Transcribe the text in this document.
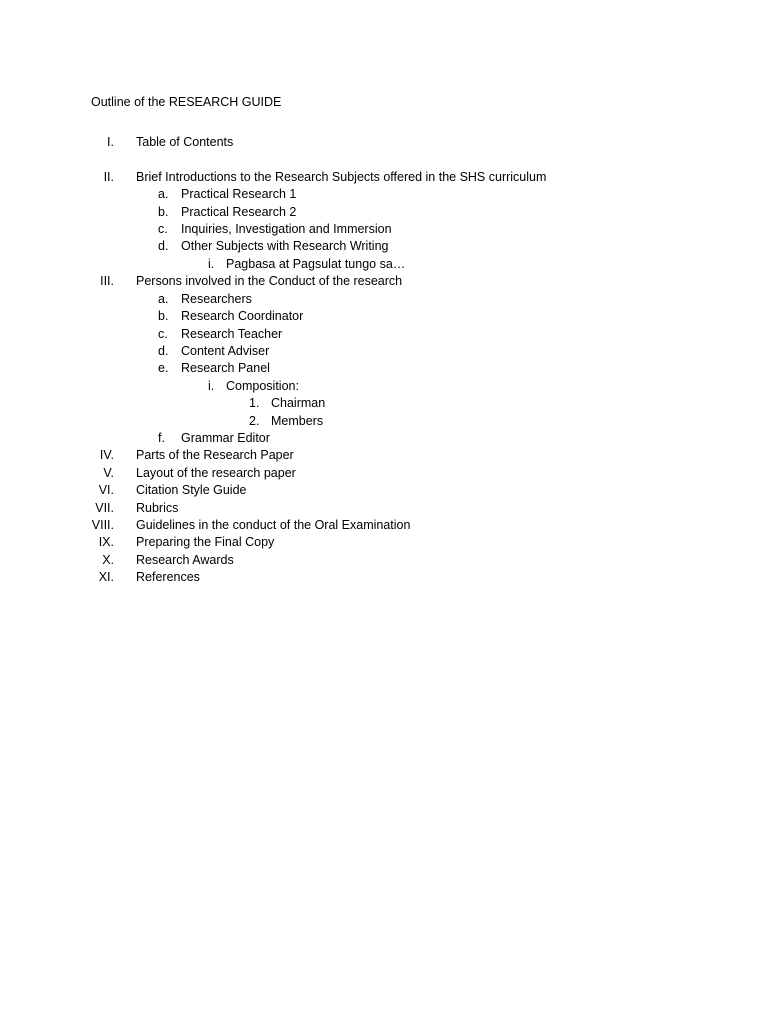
Outline of the RESEARCH GUIDE
I. Table of Contents
II. Brief Introductions to the Research Subjects offered in the SHS curriculum
a. Practical Research 1
b. Practical Research 2
c. Inquiries, Investigation and Immersion
d. Other Subjects with Research Writing
i. Pagbasa at Pagsulat tungo sa…
III. Persons involved in the Conduct of the research
a. Researchers
b. Research Coordinator
c. Research Teacher
d. Content Adviser
e. Research Panel
i. Composition:
1. Chairman
2. Members
f. Grammar Editor
IV. Parts of the Research Paper
V. Layout of the research paper
VI. Citation Style Guide
VII. Rubrics
VIII. Guidelines in the conduct of the Oral Examination
IX. Preparing the Final Copy
X. Research Awards
XI. References
